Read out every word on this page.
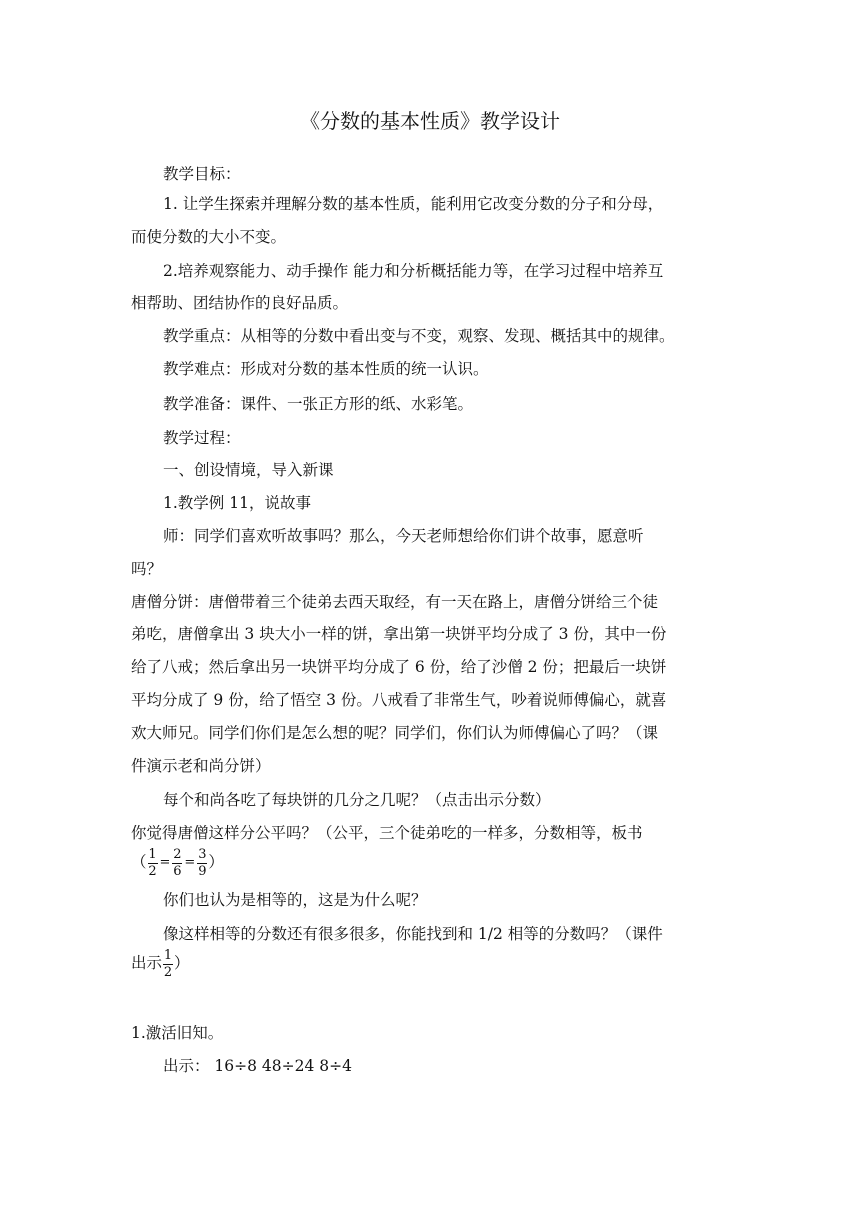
《分数的基本性质》教学设计
教学目标：
1. 让学生探索并理解分数的基本性质，能利用它改变分数的分子和分母，
而使分数的大小不变。
2.培养观察能力、动手操作 能力和分析概括能力等，在学习过程中培养互
相帮助、团结协作的良好品质。
教学重点：从相等的分数中看出变与不变，观察、发现、概括其中的规律。
教学难点：形成对分数的基本性质的统一认识。
教学准备：课件、一张正方形的纸、水彩笔。
教学过程：
一、创设情境，导入新课
1.教学例 11，说故事
师：同学们喜欢听故事吗？那么，今天老师想给你们讲个故事，愿意听
吗？
唐僧分饼：唐僧带着三个徒弟去西天取经，有一天在路上，唐僧分饼给三个徒
弟吃，唐僧拿出 3 块大小一样的饼，拿出第一块饼平均分成了 3 份，其中一份
给了八戒；然后拿出另一块饼平均分成了 6 份，给了沙僧 2 份；把最后一块饼
平均分成了 9 份，给了悟空 3 份。八戒看了非常生气，吵着说师傅偏心，就喜
欢大师兄。同学们你们是怎么想的呢？同学们，你们认为师傅偏心了吗？（课
件演示老和尚分饼）
每个和尚各吃了每块饼的几分之几呢？（点击出示分数）
你觉得唐僧这样分公平吗？（公平，三个徒弟吃的一样多，分数相等，板书
（ $\frac{1}{2} = \frac{2}{6} = \frac{3}{9}$ ）
你们也认为是相等的，这是为什么呢？
像这样相等的分数还有很多很多，你能找到和 1/2 相等的分数吗？（课件
出示 $\frac{1}{2}$ ）
1.激活旧知。
出示： 16÷8 48÷24 8÷4
